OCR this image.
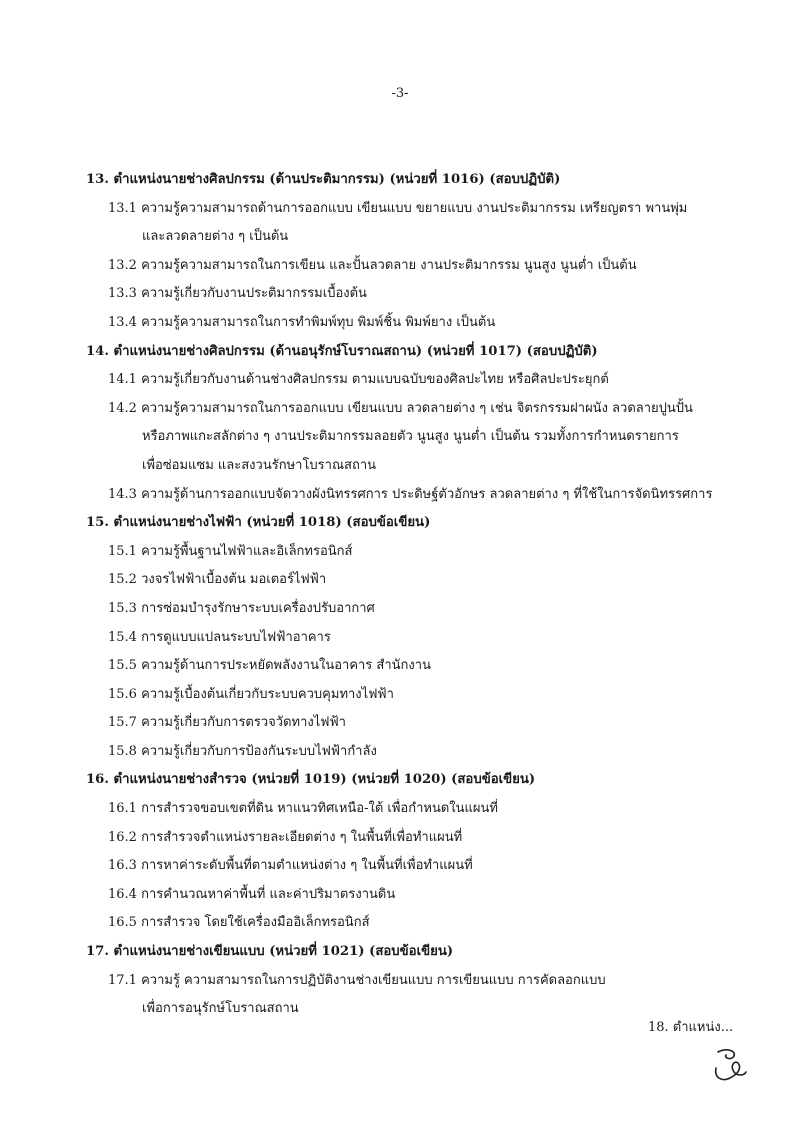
-3-
13. ตำแหน่งนายช่างศิลปกรรม (ด้านประติมากรรม) (หน่วยที่ 1016) (สอบปฏิบัติ)
13.1 ความรู้ความสามารถด้านการออกแบบ เขียนแบบ ขยายแบบ งานประติมากรรม เหรียญตรา พานพุ่ม
และลวดลายต่าง ๆ เป็นต้น
13.2 ความรู้ความสามารถในการเขียน และปั้นลวดลาย งานประติมากรรม นูนสูง นูนต่ำ เป็นต้น
13.3 ความรู้เกี่ยวกับงานประติมากรรมเบื้องต้น
13.4 ความรู้ความสามารถในการทำพิมพ์ทุบ พิมพ์ชิ้น พิมพ์ยาง เป็นต้น
14. ตำแหน่งนายช่างศิลปกรรม (ด้านอนุรักษ์โบราณสถาน) (หน่วยที่ 1017) (สอบปฏิบัติ)
14.1 ความรู้เกี่ยวกับงานด้านช่างศิลปกรรม ตามแบบฉบับของศิลปะไทย หรือศิลปะประยุกต์
14.2 ความรู้ความสามารถในการออกแบบ เขียนแบบ ลวดลายต่าง ๆ เช่น จิตรกรรมฝาผนัง ลวดลายปูนปั้น
หรือภาพแกะสลักต่าง ๆ งานประติมากรรมลอยตัว นูนสูง นูนต่ำ เป็นต้น รวมทั้งการกำหนดรายการ
เพื่อซ่อมแซม และสงวนรักษาโบราณสถาน
14.3 ความรู้ด้านการออกแบบจัดวางผังนิทรรศการ ประดิษฐ์ตัวอักษร ลวดลายต่าง ๆ ที่ใช้ในการจัดนิทรรศการ
15. ตำแหน่งนายช่างไฟฟ้า (หน่วยที่ 1018) (สอบข้อเขียน)
15.1 ความรู้พื้นฐานไฟฟ้าและอิเล็กทรอนิกส์
15.2 วงจรไฟฟ้าเบื้องต้น มอเตอร์ไฟฟ้า
15.3 การซ่อมบำรุงรักษาระบบเครื่องปรับอากาศ
15.4 การดูแบบแปลนระบบไฟฟ้าอาคาร
15.5 ความรู้ด้านการประหยัดพลังงานในอาคาร สำนักงาน
15.6 ความรู้เบื้องต้นเกี่ยวกับระบบควบคุมทางไฟฟ้า
15.7 ความรู้เกี่ยวกับการตรวจวัดทางไฟฟ้า
15.8 ความรู้เกี่ยวกับการป้องกันระบบไฟฟ้ากำลัง
16. ตำแหน่งนายช่างสำรวจ (หน่วยที่ 1019) (หน่วยที่ 1020) (สอบข้อเขียน)
16.1 การสำรวจขอบเขตที่ดิน หาแนวทิศเหนือ-ใต้ เพื่อกำหนดในแผนที่
16.2 การสำรวจตำแหน่งรายละเอียดต่าง ๆ ในพื้นที่เพื่อทำแผนที่
16.3 การหาค่าระดับพื้นที่ตามตำแหน่งต่าง ๆ ในพื้นที่เพื่อทำแผนที่
16.4 การคำนวณหาค่าพื้นที่ และค่าปริมาตรงานดิน
16.5 การสำรวจ โดยใช้เครื่องมืออิเล็กทรอนิกส์
17. ตำแหน่งนายช่างเขียนแบบ (หน่วยที่ 1021) (สอบข้อเขียน)
17.1 ความรู้ ความสามารถในการปฏิบัติงานช่างเขียนแบบ การเขียนแบบ การคัดลอกแบบ
เพื่อการอนุรักษ์โบราณสถาน
18. ตำแหน่ง...
